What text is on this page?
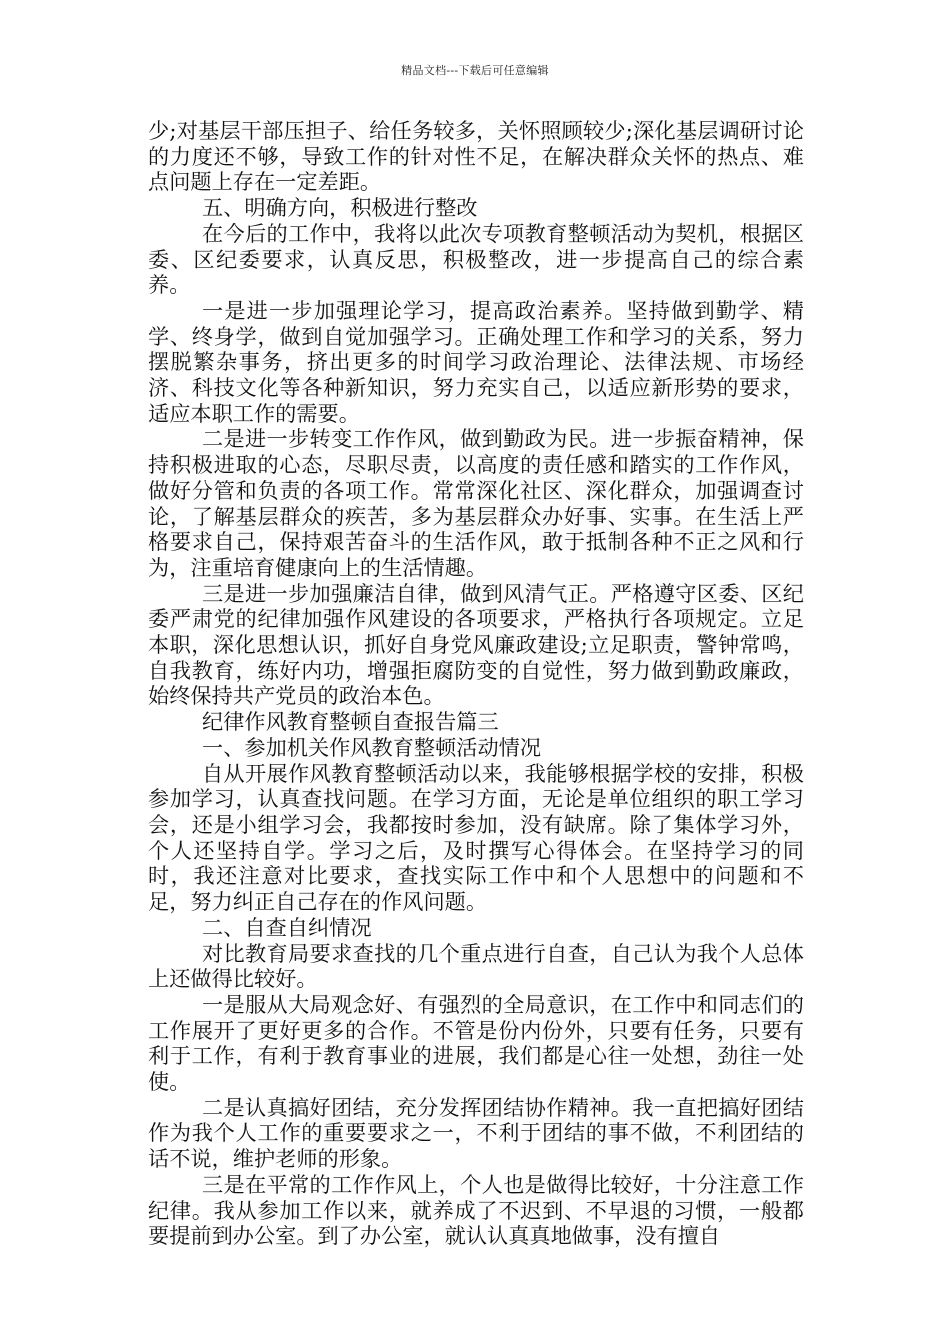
精品文档---下载后可任意编辑

少;对基层干部压担子、给任务较多，关怀照顾较少;深化基层调研讨论的力度还不够，导致工作的针对性不足，在解决群众关怀的热点、难点问题上存在一定差距。

五、明确方向，积极进行整改

在今后的工作中，我将以此次专项教育整顿活动为契机，根据区委、区纪委要求，认真反思，积极整改，进一步提高自己的综合素养。

一是进一步加强理论学习，提高政治素养。坚持做到勤学、精学、终身学，做到自觉加强学习。正确处理工作和学习的关系，努力摆脱繁杂事务，挤出更多的时间学习政治理论、法律法规、市场经济、科技文化等各种新知识，努力充实自己，以适应新形势的要求，适应本职工作的需要。

二是进一步转变工作作风，做到勤政为民。进一步振奋精神，保持积极进取的心态，尽职尽责，以高度的责任感和踏实的工作作风，做好分管和负责的各项工作。常常深化社区、深化群众，加强调查讨论，了解基层群众的疾苦，多为基层群众办好事、实事。在生活上严格要求自己，保持艰苦奋斗的生活作风，敢于抵制各种不正之风和行为，注重培育健康向上的生活情趣。

三是进一步加强廉洁自律，做到风清气正。严格遵守区委、区纪委严肃党的纪律加强作风建设的各项要求，严格执行各项规定。立足本职，深化思想认识，抓好自身党风廉政建设;立足职责，警钟常鸣，自我教育，练好内功，增强拒腐防变的自觉性，努力做到勤政廉政，始终保持共产党员的政治本色。

纪律作风教育整顿自查报告篇三

一、参加机关作风教育整顿活动情况

自从开展作风教育整顿活动以来，我能够根据学校的安排，积极参加学习，认真查找问题。在学习方面，无论是单位组织的职工学习会，还是小组学习会，我都按时参加，没有缺席。除了集体学习外，个人还坚持自学。学习之后，及时撰写心得体会。在坚持学习的同时，我还注意对比要求，查找实际工作中和个人思想中的问题和不足，努力纠正自己存在的作风问题。

二、自查自纠情况

对比教育局要求查找的几个重点进行自查，自己认为我个人总体上还做得比较好。

一是服从大局观念好、有强烈的全局意识，在工作中和同志们的工作展开了更好更多的合作。不管是份内份外，只要有任务，只要有利于工作，有利于教育事业的进展，我们都是心往一处想，劲往一处使。

二是认真搞好团结，充分发挥团结协作精神。我一直把搞好团结作为我个人工作的重要要求之一，不利于团结的事不做，不利团结的话不说，维护老师的形象。

三是在平常的工作作风上，个人也是做得比较好，十分注意工作纪律。我从参加工作以来，就养成了不迟到、不早退的习惯，一般都要提前到办公室。到了办公室，就认认真真地做事，没有擅自
